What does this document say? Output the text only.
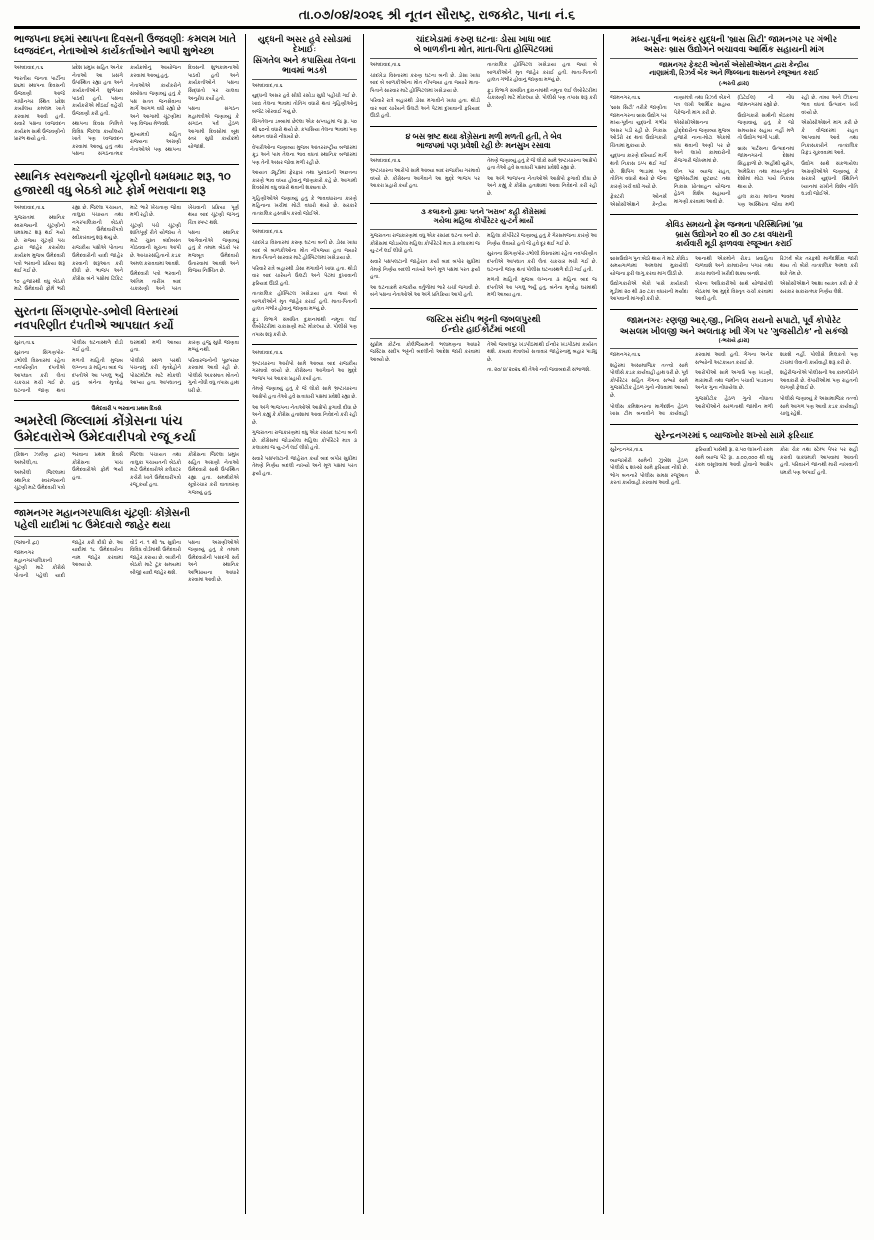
તા.૦૭/૦૪/૨૦૨૬ શ્રી નૂતન સૌરાષ્ટ્ર, રાજકોટ, પાના નં.૬
ભાજપના ૪૬માં સ્થાપના દિવસની ઉજવણીઃ કમલમ ખાતે
ધ્વજવંદન, નેતાઓએ કાર્યકર્તાઓને આપી શુભેચ્છા

અમદાવાદ,ત.૬

ભારતીય જનતા પાર્ટીના ૪૬માં સ્થાપના દિવસની ઉજવણી આજે ગાંધીનગર સ્થિત પ્રદેશ કાર્યાલય કમલમ ખાતે કરવામાં આવી હતી. સવારે પક્ષના ધ્વજવંદન કાર્યક્રમ સાથે ઉજવણીનો પ્રારંભ થયો હતો.

પ્રદેશ પ્રમુખ સહિત અનેક નેતાઓ આ પ્રસંગે ઉપસ્થિત રહ્યા હતા અને કાર્યકર્તાઓને શુભેચ્છા પાઠવી હતી. પક્ષના કાર્યકરોએ મીઠાઈ વહેંચી ઉજવણી કરી હતી.

સ્થાપના દિવસ નિમિત્તે વિવિધ જિલ્લા કાર્યાલયો ખાતે પણ ધ્વજવંદન કરવામાં આવ્યું હતું તથા પક્ષના સંગઠનાત્મક કાર્યક્રમોનું આયોજન કરવામાં આવ્યું હતું.

નેતાઓએ કાર્યકરોને સંબોધતા જણાવ્યું હતું કે પક્ષ સતત જનસેવાના માર્ગે આગળ વધી રહ્યો છે અને આગામી ચૂંટણીમાં પણ વિજય મેળવશે.

મુખ્યમંત્રી સહિત રાજ્યના અગ્રણી નેતાઓએ પણ સ્થાપના દિવસની શુભકામનાઓ પાઠવી હતી અને કાર્યકર્તાઓને પક્ષના સિદ્ધાંતો પર ચાલવા અનુરોધ કર્યો હતો.

પક્ષના સંગઠન મહામંત્રીએ જણાવ્યું કે સંગઠન પર્વ હેઠળ આગામી દિવસોમાં બૂથ સ્તર સુધી કાર્યક્રમો યોજાશે.

સ્થાનિક સ્વરાજ્યની ચૂંટણીનો ધમધમાટ શરૂ, ૧૦
હજારથી વધુ બેઠકો માટે ફોર્મ ભરાવાના શરૂ

અમદાવાદ,તા.૬

ગુજરાતમાં સ્થાનિક સ્વરાજ્યની ચૂંટણીનો ધમધમાટ શરૂ થઈ ગયો છે. રાજ્ય ચૂંટણી પંચ દ્વારા જાહેર કરાયેલા કાર્યક્રમ મુજબ ઉમેદવારી પત્રો ભરવાની પ્રક્રિયા શરૂ થઈ ગઈ છે.

૧૦ હજારથી વધુ બેઠકો માટે ઉમેદવારો ફોર્મ ભરી રહ્યા છે. જિલ્લા પંચાયત, તાલુકા પંચાયત તથા નગરપાલિકાની બેઠકો માટે ઉમેદવારીપત્રો સ્વીકારવાનું શરૂ થયું છે.

રાજકીય પક્ષોએ પોતાના ઉમેદવારોની યાદી જાહેર કરવાની શરૂઆત કરી દીધી છે. ભાજપ અને કોંગ્રેસ બંને પક્ષોમાં ટિકિટ માટે ભારે ખેંચતાણ જોવા મળી રહી છે.

ચૂંટણી પંચે ચૂંટણી શાંતિપૂર્ણ રીતે યોજાય તે માટે ચુસ્ત બંદોબસ્ત ગોઠવવાની સૂચના આપી છે. આચારસંહિતાનો કડક અમલ કરાવવામાં આવશે.

ઉમેદવારી પત્રો ભરવાની અંતિમ તારીખ બાદ ચકાસણી અને પરત ખેંચવાની પ્રક્રિયા પૂર્ણ થયા બાદ ચૂંટણી જંગનું ચિત્ર સ્પષ્ટ થશે.

પક્ષના સ્થાનિક આગેવાનોએ જણાવ્યું હતું કે તમામ બેઠકો પર મજબૂત ઉમેદવારો ઉતારવામાં આવશે અને વિજય નિશ્ચિત છે.

સુરતના સિંગણપોર-ડભોલી વિસ્તારમાં
નવપરિણીત દંપતીએ આપઘાત કર્યો

સુરત,તા.૬

સુરતના સિંગણપોર-ડભોલી વિસ્તારમાં રહેતા નવપરિણીત દંપતીએ આપઘાત કરી લેતાં ચકચાર મચી ગઈ છે. ઘટનાની જાણ થતાં પોલીસ ઘટનાસ્થળે દોડી ગઈ હતી.

મળતી માહિતી મુજબ લગ્નના ૩ મહિના બાદ જ દંપતીએ આ પગલું ભર્યું હતું. બંનેના મૃતદેહ ઘરમાંથી મળી આવ્યા હતા.

પોલીસે સ્થળ પરથી પંચનામું કરી મૃતદેહોને પોસ્ટમોર્ટમ માટે મોકલી આપ્યા હતા. આપઘાતનું કારણ હજુ સુધી જાણવા મળ્યું નથી.

પરિવારજનોની પૂછપરછ કરવામાં આવી રહી છે. પોલીસે અકસ્માત મોતનો ગુનો નોંધી વધુ તપાસ હાથ ધરી છે.

ઉમેદવારી ૫ ભરવાના પ્રથમ દિવસે
અમરેલી જિલ્લામાં કોંગ્રેસના પાંચ
ઉમેદવારોએ ઉમેદવારીપત્રો રજૂ કર્યા

(કિશન ઝાલેણ દ્વારા) અમરેલી,તા.

અમરેલી જિલ્લામાં સ્થાનિક સ્વરાજ્યની ચૂંટણી માટે ઉમેદવારી પત્રો ભરવાના પ્રથમ દિવસે કોંગ્રેસના પાંચ ઉમેદવારોએ ફોર્મ ભર્યા હતા.

જિલ્લા પંચાયત તથા તાલુકા પંચાયતની બેઠકો માટે ઉમેદવારોએ કલેક્ટર કચેરી ખાતે ઉમેદવારીપત્રો રજૂ કર્યા હતા.

કોંગ્રેસના જિલ્લા પ્રમુખ સહિત અગ્રણી નેતાઓ ઉમેદવારો સાથે ઉપસ્થિત રહ્યા હતા. સમર્થકોએ સૂત્રોચ્ચાર કરી વાતાવરણ ગજવ્યું હતું.

જામનગર મહાનગરપાલિકા ચૂંટણીઃ કોંગ્રેસની
પહેલી યાદીમાં ૧૮ ઉમેદવારો જાહેર થયા

(જમાની દ્વા)

જામનગર મહાનગરપાલિકાની ચૂંટણી માટે કોંગ્રેસે પોતાની પહેલી યાદી જાહેર કરી દીધી છે. આ યાદીમાં ૧૮ ઉમેદવારોના નામ જાહેર કરવામાં આવ્યા છે.

વોર્ડ નં. ૧ થી ૧૬ સુધીના વિવિધ વોર્ડમાંથી ઉમેદવારો જાહેર કરાયા છે. બાકીની બેઠકો માટે ટૂંક સમયમાં બીજી યાદી જાહેર થશે.

પક્ષના અગ્રણીઓએ જણાવ્યું હતું કે તમામ ઉમેદવારોની પસંદગી સર્વે અને સ્થાનિક અભિપ્રાયના આધારે કરવામાં આવી છે.

યુદ્ધની અસર હવે રસોડામાં દેખાઈઃ
સિંગતેલ અને કપાસિયા તેલના ભાવમાં ભડકો

અમદાવાદ,તા.૬

યુદ્ધની અસર હવે સીધી રસોડા સુધી પહોંચી ગઈ છે. ખાદ્ય તેલના ભાવમાં તોતિંગ વધારો થતાં ગૃહિણીઓનું બજેટ ખોરવાઈ ગયું છે.

સિંગતેલના ડબ્બામાં છેલ્લા એક સપ્તાહમાં જ રૂા. ૫૦ થી ૬૦નો વધારો થયો છે. કપાસિયા તેલના ભાવમાં પણ સમાન વધારો નોંધાયો છે.

વેપારીઓના જણાવ્યા મુજબ આંતરરાષ્ટ્રીય બજારમાં ક્રૂડ અને પામ તેલના ભાવ વધતાં સ્થાનિક બજારમાં પણ તેની અસર જોવા મળી રહી છે.

આયાત ડ્યૂટીમાં ફેરફાર તથા પુરવઠાની અછતના કારણે ભાવ વધ્યા હોવાનું જાણકારો કહે છે. આગામી દિવસોમાં વધુ વધારો થવાની શક્યતા છે.

ગૃહિણીઓએ જણાવ્યું હતું કે ભાવવધારાના કારણે મહિનાના ખર્ચમાં મોટો વધારો થયો છે. સરકારે તાત્કાલિક હસ્તક્ષેપ કરવો જોઈએ.

અમદાવાદ,તા.૬

ચાંદખેડા વિસ્તારમાં કરુણ ઘટના બની છે. ડોસા ખાધા બાદ બે બાળકીઓના મોત નીપજ્યા હતા જ્યારે માતા-પિતાને સારવાર માટે હોસ્પિટલમાં ખસેડાયા છે.

પરિવારે રાત્રે બહારથી ડોસા મંગાવીને ખાધા હતા. થોડી વાર બાદ ચારેયને ઉલટી અને પેટમાં દુખાવાની ફરિયાદ ઊઠી હતી.

તાત્કાલિક હોસ્પિટલ ખસેડાયા હતા જ્યાં બે બાળકીઓને મૃત જાહેર કરાઈ હતી. માતા-પિતાની હાલત ગંભીર હોવાનું જાણવા મળ્યું છે.

ફૂડ વિભાગે સંબંધિત દુકાનમાંથી નમૂના લઈ લેબોરેટરીમાં ચકાસણી માટે મોકલ્યા છે. પોલીસે પણ તપાસ શરૂ કરી છે.

અમદાવાદ,તા.૬

ભ્રષ્ટાચારના આરોપો સામે આવ્યા બાદ રાજકીય ગરમાવો વધ્યો છે. કોંગ્રેસના આગેવાને આ મુદ્દે ભાજપ પર આકરા પ્રહારો કર્યા હતા.

તેમણે જણાવ્યું હતું કે જે લોકો સામે ભ્રષ્ટાચારના આક્ષેપો હતા તેઓ હવે સત્તાધારી પક્ષમાં પ્રવેશી રહ્યા છે.

આ અંગે ભાજપના નેતાઓએ આક્ષેપો ફગાવી દીધા છે અને કહ્યું કે કોંગ્રેસ હતાશામાં આવા નિવેદનો કરી રહી છે.

ગુજરાતના રાજકારણમાં વધુ એક રસપ્રદ ઘટના બની છે. કોંગ્રેસમાં જોડાયેલા મહિલા કોર્પોરેટરે માત્ર ૩ કલાકમાં જ યુ-ટર્ન લઈ લીધો હતો.

સવારે પક્ષપલટાની જાહેરાત કર્યા બાદ બપોર સુધીમાં તેમણે નિર્ણય બદલી નાખ્યો અને મૂળ પક્ષમાં પરત ફર્યા હતા.

ચાંદખેડામાં કરુણ ઘટનાઃ ડોસા ખાધા બાદ
બે બાળકીના મોત, માતા-પિતા હોસ્પિટલમાં

અમદાવાદ,તા.૬

ચાંદખેડા વિસ્તારમાં કરુણ ઘટના બની છે. ડોસા ખાધા બાદ બે બાળકીઓના મોત નીપજ્યા હતા જ્યારે માતા-પિતાને સારવાર માટે હોસ્પિટલમાં ખસેડાયા છે.

પરિવારે રાત્રે બહારથી ડોસા મંગાવીને ખાધા હતા. થોડી વાર બાદ ચારેયને ઉલટી અને પેટમાં દુખાવાની ફરિયાદ ઊઠી હતી.

તાત્કાલિક હોસ્પિટલ ખસેડાયા હતા જ્યાં બે બાળકીઓને મૃત જાહેર કરાઈ હતી. માતા-પિતાની હાલત ગંભીર હોવાનું જાણવા મળ્યું છે.

ફૂડ વિભાગે સંબંધિત દુકાનમાંથી નમૂના લઈ લેબોરેટરીમાં ચકાસણી માટે મોકલ્યા છે. પોલીસે પણ તપાસ શરૂ કરી છે.

૪ બસ ભ્રષ્ટ થયા કોંગ્રેસના મળી મળતી હતી, તે બેવ
ભાજપમાં પણ પ્રવેશી રહી છેઃ મનસુખ રસાવા

અમદાવાદ,તા.૬

ભ્રષ્ટાચારના આરોપો સામે આવ્યા બાદ રાજકીય ગરમાવો વધ્યો છે. કોંગ્રેસના આગેવાને આ મુદ્દે ભાજપ પર આકરા પ્રહારો કર્યા હતા.

તેમણે જણાવ્યું હતું કે જે લોકો સામે ભ્રષ્ટાચારના આક્ષેપો હતા તેઓ હવે સત્તાધારી પક્ષમાં પ્રવેશી રહ્યા છે.

આ અંગે ભાજપના નેતાઓએ આક્ષેપો ફગાવી દીધા છે અને કહ્યું કે કોંગ્રેસ હતાશામાં આવા નિવેદનો કરી રહી છે.

૩ કલાકનો ડ્રામાઃ પતને 'ખરાબ' કહી કોંગ્રેસમાં
ગયેલા મહિલા કોર્પોરેટર યુ-ટર્ન માર્યો

ગુજરાતના રાજકારણમાં વધુ એક રસપ્રદ ઘટના બની છે. કોંગ્રેસમાં જોડાયેલા મહિલા કોર્પોરેટરે માત્ર ૩ કલાકમાં જ યુ-ટર્ન લઈ લીધો હતો.

સવારે પક્ષપલટાની જાહેરાત કર્યા બાદ બપોર સુધીમાં તેમણે નિર્ણય બદલી નાખ્યો અને મૂળ પક્ષમાં પરત ફર્યા હતા.

આ ઘટનાક્રમે રાજકીય વર્તુળોમાં ભારે ચર્ચા જગાવી છે. બંને પક્ષના નેતાઓએ આ અંગે પ્રતિક્રિયા આપી હતી.

મહિલા કોર્પોરેટરે જણાવ્યું હતું કે ગેરસમજના કારણે આ નિર્ણય લેવાયો હતો જે હવે દૂર થઈ ગઈ છે.

સુરતના સિંગણપોર-ડભોલી વિસ્તારમાં રહેતા નવપરિણીત દંપતીએ આપઘાત કરી લેતાં ચકચાર મચી ગઈ છે. ઘટનાની જાણ થતાં પોલીસ ઘટનાસ્થળે દોડી ગઈ હતી.

મળતી માહિતી મુજબ લગ્નના ૩ મહિના બાદ જ દંપતીએ આ પગલું ભર્યું હતું. બંનેના મૃતદેહ ઘરમાંથી મળી આવ્યા હતા.

જસ્ટિસ સંદીપ ભટ્ટની જબલપુરથી
ઈન્દોર હાઈકોર્ટમાં બદલી

સુપ્રીમ કોર્ટના કોલેજિયમની ભલામણના આધારે જસ્ટિસ સંદીપ ભટ્ટની બદલીનો આદેશ જારી કરવામાં આવ્યો છે.

તેઓ જબલપુર ખંડપીઠમાંથી ઈન્દોર ખંડપીઠમાં કાર્યરત થશે. કાયદા મંત્રાલયે સત્તાવાર જાહેરનામું બહાર પાડ્યું છે.

તા. ૨૦/ ૪/ ૨૦૨૬ થી તેઓ નવી જવાબદારી સંભાળશે.

મધ્ય-પૂર્વના ભયંકર યુદ્ધની 'બ્રાસ સિટી' જામનગર પર ગંભીર
અસરઃ બ્રાસ ઉદ્યોગને બચાવવા આર્થિક સહાયની માંગ
જામનગર ફેક્ટરી ઓનર્સ એસોસીએશન દ્વારા કેન્દ્રીય
નાણામંત્રી, રિઝર્વ બેંક અને જિલ્લાના શાસનને રજૂઆત કરાઈ
(-ભરતી દ્વારા)

જામનગર,તા.૬

'બ્રાસ સિટી' તરીકે જાણીતા જામનગરના બ્રાસ ઉદ્યોગ પર મધ્ય-પૂર્વના યુદ્ધની ગંભીર અસર પડી રહી છે. નિકાસ ઓર્ડરો રદ થતાં ઉદ્યોગકારો ચિંતામાં મુકાયા છે.

યુદ્ધના કારણે દરિયાઈ માર્ગે થતી નિકાસ ઠપ્પ થઈ ગઈ છે. શિપિંગ ભાડામાં પણ તોતિંગ વધારો થયો છે જેના કારણે ખર્ચ વધી ગયો છે.

ફેક્ટરી ઓનર્સ એસોસીએશને કેન્દ્રીય નાણામંત્રી તથા રિઝર્વ બેંકને પત્ર લખી આર્થિક સહાય પેકેજની માંગ કરી છે.

એસોસીએશનના હોદ્દેદારોના જણાવ્યા મુજબ હજારો નાના-મોટા એકમો બંધ થવાની અણી પર છે અને લાખો કામદારોની રોજગારી જોખમમાં છે.

લોન પર વ્યાજ રાહત, જીએસટીમાં છૂટછાટ તથા નિકાસ પ્રોત્સાહન યોજના હેઠળ વિશેષ સહાયની માંગણી કરવામાં આવી છે.

(ડિટેઈલ) ની નોંધ જામનગરમાં રહ્યો છે.

ઉદ્યોગકારો સાથેની બેઠકમાં જણાવાયું હતું કે જો સમયસર સહાય નહીં મળે તો ઉદ્યોગ ભાંગી પડશે.

બ્રાસ પાર્ટસના ઉત્પાદનમાં જામનગરનો દેશમાં સિંહફાળો છે. અહીંથી યુરોપ, અમેરિકા તથા મધ્ય-પૂર્વના દેશોમાં મોટા પાયે નિકાસ થાય છે.

હાલ કાચા માલના ભાવમાં પણ અસ્થિરતા જોવા મળી રહી છે. તાંબા અને ઝિંકના ભાવ વધતાં ઉત્પાદન ખર્ચ વધ્યો છે.

એસોસીએશને માંગ કરી છે કે વીજદરમાં રાહત આપવામાં આવે તથા નિકાસકારોને તાત્કાલિક રિફંડ ચૂકવવામાં આવે.

ઉદ્યોગ સાથે સંકળાયેલા અગ્રણીઓએ જણાવ્યું કે સરકારે યુદ્ધની સ્થિતિને ધ્યાનમાં રાખીને વિશેષ નીતિ ઘડવી જોઈએ.

કોવિડ સમયનો ફ્રેમ જન્મના પરિસ્થિતિમાં 'બ્રા
બ્રાસ ઉદ્યોગને ૨૦ થી ૩૦ ટકા વધારાની
કાર્યવારી મૂડી ફાળવવા રજૂઆત કરાઈ

બ્રાસઉદ્યોગ પુનઃબેઠો થાય તે માટે કોવિડ સમયગાળામાં અમલમાં મુકાયેલી યોજના ફરી લાગુ કરવા માંગ ઊઠી છે.

ઉદ્યોગકારોએ બેંકો પાસે કાર્યકારી મૂડીમાં ૨૦ થી ૩૦ ટકા વધારાની મર્યાદા આપવાની માંગણી કરી છે.

આનાથી એકમોને રોકડ પ્રવાહિતા જળવાશે અને કામદારોના પગાર તથા કાચા માલની ખરીદી શક્ય બનશે.

બેંકના અધિકારીઓ સાથે યોજાયેલી બેઠકમાં આ મુદ્દે વિસ્તૃત ચર્ચા કરવામાં આવી હતી.

રિઝર્વ બેંક તરફથી માર્ગદર્શિકા જારી થાય તો બેંકો તાત્કાલિક અમલ કરી શકે તેમ છે.

એસોસીએશને આશા વ્યક્ત કરી છે કે સરકાર સકારાત્મક નિર્ણય લેશે.

જામનગરઃ રણજી આર્.જી., નિખિલ રાયનો સપાટો, પૂર્વ કોપોરેટ
અસલમ ખીલજી અને અલતાફ ખાી ગેંગ પર 'ગુજસીટોક' નો સકંજો
(-ભરાયે દ્વારા)

જામનગર,તા.૬

શહેરમાં અસામાજિક તત્ત્વો સામે પોલીસે કડક કાર્યવાહી હાથ ધરી છે. પૂર્વ કોર્પોરેટર સહિત ગેંગના સભ્યો સામે ગુજસીટોક હેઠળ ગુનો નોંધવામાં આવ્યો છે.

પોલીસ કમિશનરના માર્ગદર્શન હેઠળ ખાસ ટીમ બનાવીને આ કાર્યવાહી કરવામાં આવી હતી. ગેંગના અનેક સભ્યોની અટકાયત કરાઈ છે.

આરોપીઓ સામે અગાઉ પણ ખંડણી, મારામારી તથા જમીન પચાવી પાડવાના અનેક ગુના નોંધાયેલા છે.

ગુજસીટોક હેઠળ ગુનો નોંધાતા આરોપીઓને સરળતાથી જામીન મળી શકશે નહીં. પોલીસે મિલકતો પણ ટાંચમાં લેવાની કાર્યવાહી શરૂ કરી છે.

શહેરીજનોએ પોલીસની આ કામગીરીને આવકારી છે. વેપારીઓમાં પણ રાહતની લાગણી ફેલાઈ છે.

પોલીસે જણાવ્યું કે અસામાજિક તત્ત્વો સામે આગળ પણ આવી કડક કાર્યવાહી ચાલુ રહેશે.

સુરેન્દ્રનગરમાં ૬ વ્યાજખોર શખ્સો સામે ફરિયાદ

સુરેન્દ્રનગર,તા.૬

વ્યાજખોરી સામેની ઝુંબેશ હેઠળ પોલીસે ૬ શખ્સો સામે ફરિયાદ નોંધી છે. ભોગ બનનારે પોલીસ સમક્ષ રજૂઆત કરતાં કાર્યવાહી કરવામાં આવી હતી.

ફરિયાદી પાસેથી રૂા. ૨.૫૦ લાખની રકમ સામે વ્યાજ પેટે રૂા. ૭.૦૦,૦૦૦ થી વધુ રકમ વસૂલવામાં આવી હોવાનો આક્ષેપ છે.

કોરા ચેક તથા સ્ટેમ્પ પેપર પર સહી કરાવી ધાકધમકી આપવામાં આવતી હતી. પરિવારને જાનથી મારી નાખવાની ધમકી પણ અપાઈ હતી.
